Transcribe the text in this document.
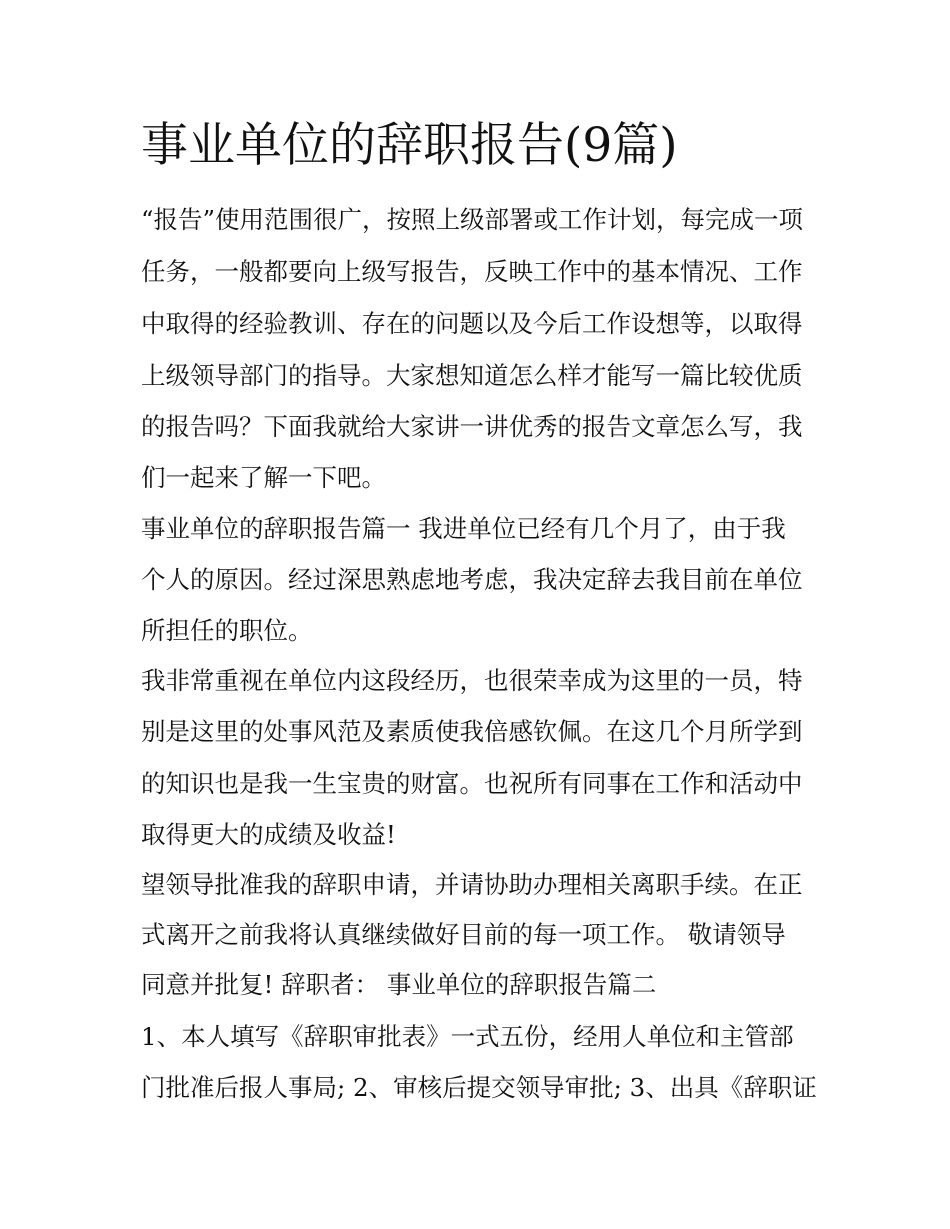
事业单位的辞职报告(9篇)

“报告”使用范围很广，按照上级部署或工作计划，每完成一项

任务，一般都要向上级写报告，反映工作中的基本情况、工作

中取得的经验教训、存在的问题以及今后工作设想等，以取得

上级领导部门的指导。大家想知道怎么样才能写一篇比较优质

的报告吗？下面我就给大家讲一讲优秀的报告文章怎么写，我

们一起来了解一下吧。

事业单位的辞职报告篇一 我进单位已经有几个月了，由于我

个人的原因。经过深思熟虑地考虑，我决定辞去我目前在单位

所担任的职位。

我非常重视在单位内这段经历，也很荣幸成为这里的一员，特

别是这里的处事风范及素质使我倍感钦佩。在这几个月所学到

的知识也是我一生宝贵的财富。也祝所有同事在工作和活动中

取得更大的成绩及收益!

望领导批准我的辞职申请，并请协助办理相关离职手续。在正

式离开之前我将认真继续做好目前的每一项工作。 敬请领导

同意并批复! 辞职者： 事业单位的辞职报告篇二

1、本人填写《辞职审批表》一式五份，经用人单位和主管部

门批准后报人事局; 2、审核后提交领导审批; 3、出具《辞职证
